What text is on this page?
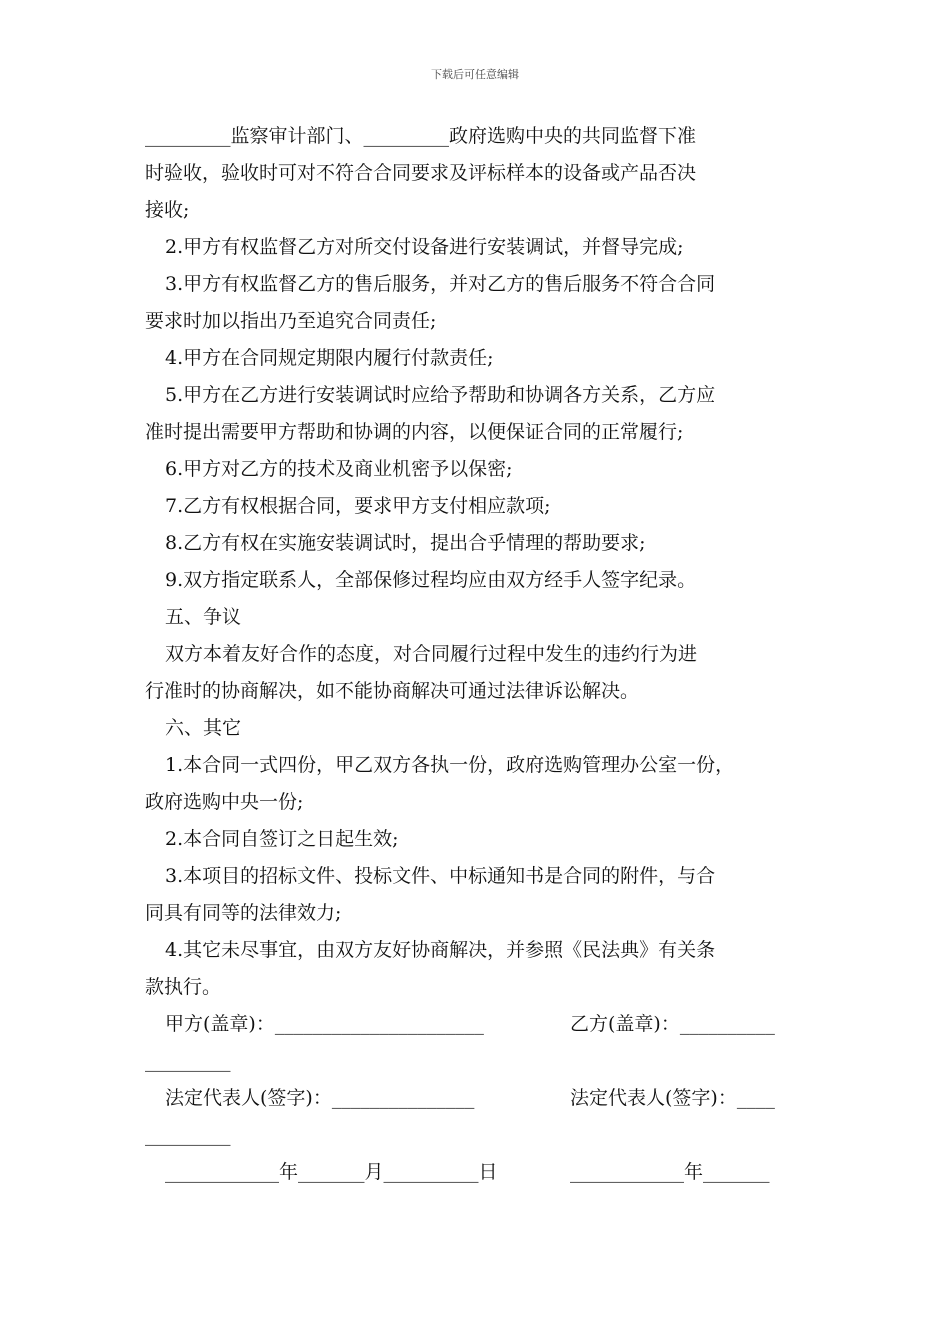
下载后可任意编辑
_________监察审计部门、_________政府选购中央的共同监督下准
时验收，验收时可对不符合合同要求及评标样本的设备或产品否决
接收;
2.甲方有权监督乙方对所交付设备进行安装调试，并督导完成;
3.甲方有权监督乙方的售后服务，并对乙方的售后服务不符合合同
要求时加以指出乃至追究合同责任;
4.甲方在合同规定期限内履行付款责任;
5.甲方在乙方进行安装调试时应给予帮助和协调各方关系，乙方应
准时提出需要甲方帮助和协调的内容，以便保证合同的正常履行;
6.甲方对乙方的技术及商业机密予以保密;
7.乙方有权根据合同，要求甲方支付相应款项;
8.乙方有权在实施安装调试时，提出合乎情理的帮助要求;
9.双方指定联系人，全部保修过程均应由双方经手人签字纪录。
五、争议
双方本着友好合作的态度，对合同履行过程中发生的违约行为进
行准时的协商解决，如不能协商解决可通过法律诉讼解决。
六、其它
1.本合同一式四份，甲乙双方各执一份，政府选购管理办公室一份，
政府选购中央一份;
2.本合同自签订之日起生效;
3.本项目的招标文件、投标文件、中标通知书是合同的附件，与合
同具有同等的法律效力;
4.其它未尽事宜，由双方友好协商解决，并参照《民法典》有关条
款执行。
甲方(盖章)：______________________	乙方(盖章)：__________
_________
法定代表人(签字)：_______________	法定代表人(签字)：____
_________
____________年_______月__________日	____________年_______
